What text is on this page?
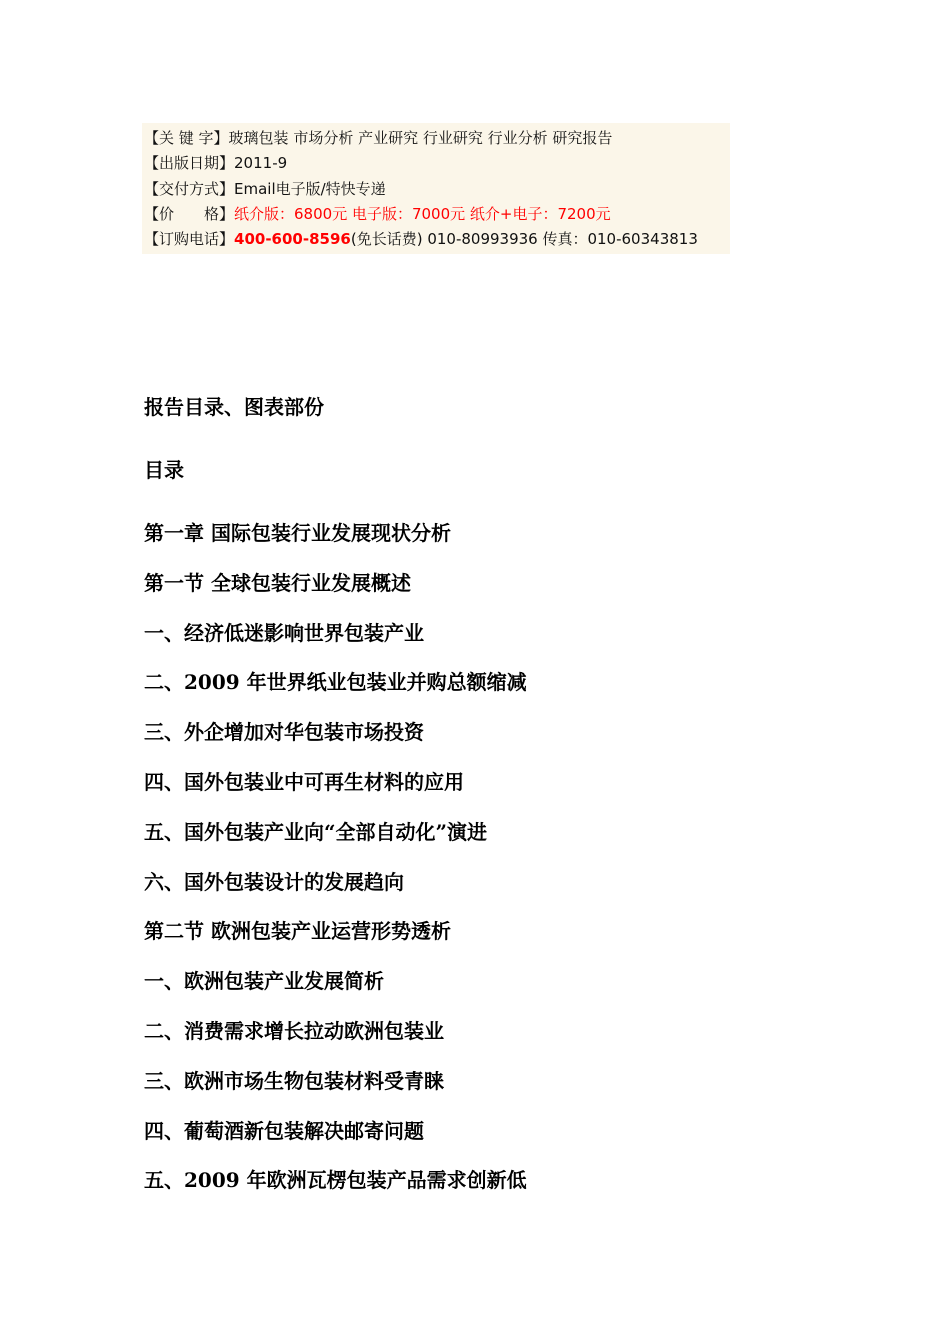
【关 键 字】玻璃包装 市场分析 产业研究 行业研究 行业分析 研究报告
【出版日期】2011-9
【交付方式】Email电子版/特快专递
【价　　格】纸介版：6800元 电子版：7000元 纸介+电子：7200元
【订购电话】400-600-8596(免长话费) 010-80993936 传真：010-60343813
报告目录、图表部份
目录
第一章 国际包装行业发展现状分析
第一节 全球包装行业发展概述
一、经济低迷影响世界包装产业
二、2009 年世界纸业包装业并购总额缩减
三、外企增加对华包装市场投资
四、国外包装业中可再生材料的应用
五、国外包装产业向“全部自动化”演进
六、国外包装设计的发展趋向
第二节 欧洲包装产业运营形势透析
一、欧洲包装产业发展简析
二、消费需求增长拉动欧洲包装业
三、欧洲市场生物包装材料受青睐
四、葡萄酒新包装解决邮寄问题
五、2009 年欧洲瓦楞包装产品需求创新低
